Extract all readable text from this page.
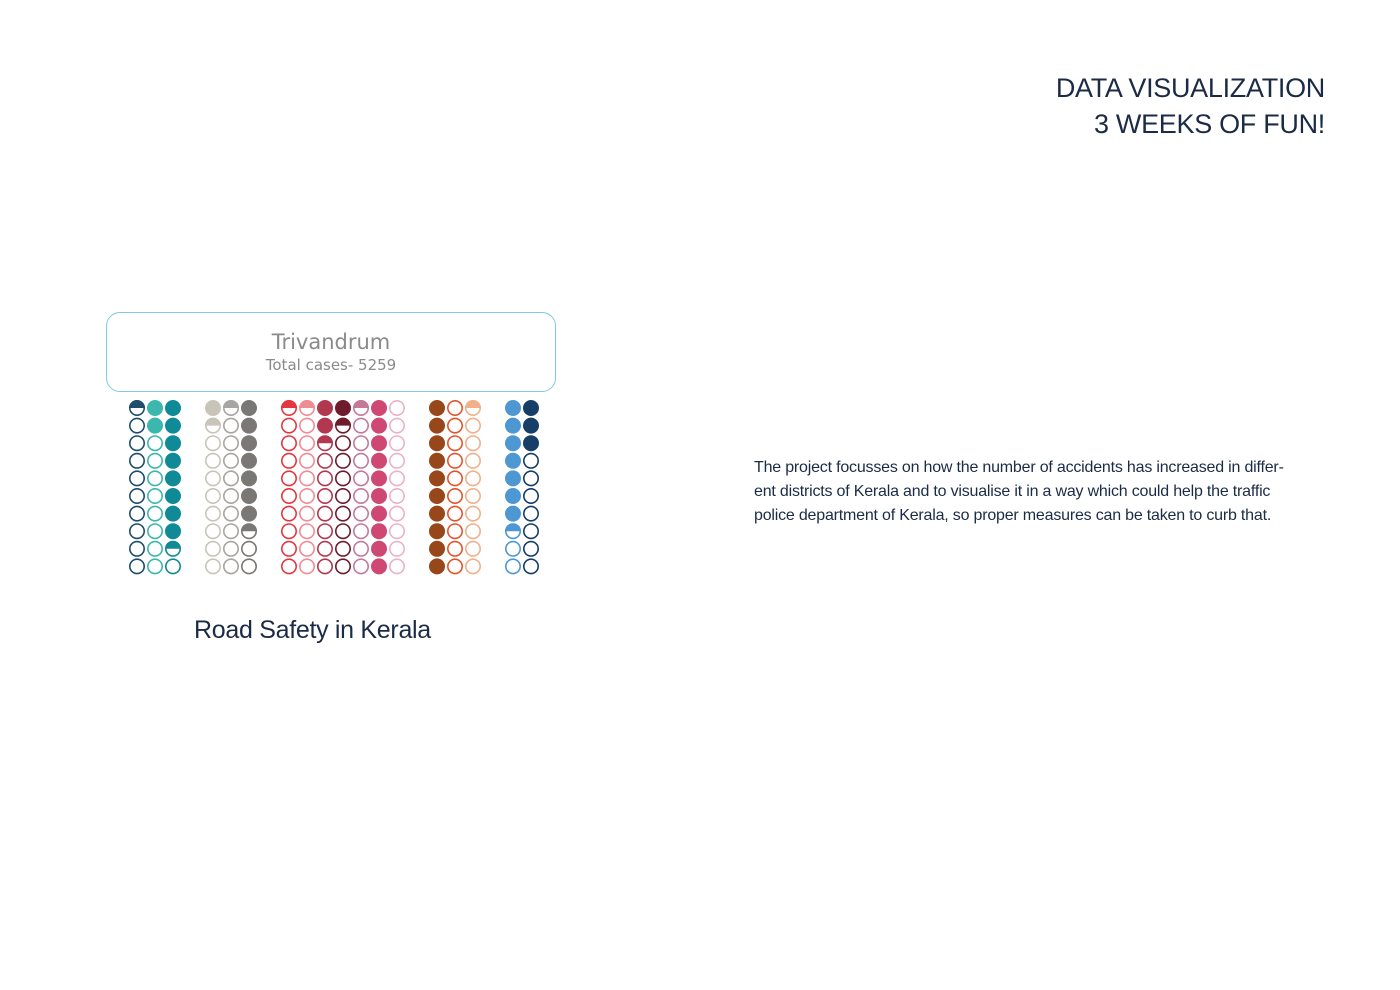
DATA VISUALIZATION
3 WEEKS OF FUN!
Trivandrum
Total cases- 5259
Road Safety in Kerala
The project focusses on how the number of accidents has increased in differ-
ent districts of Kerala and to visualise it in a way which could help the traffic
police department of Kerala, so proper measures can be taken to curb that.
